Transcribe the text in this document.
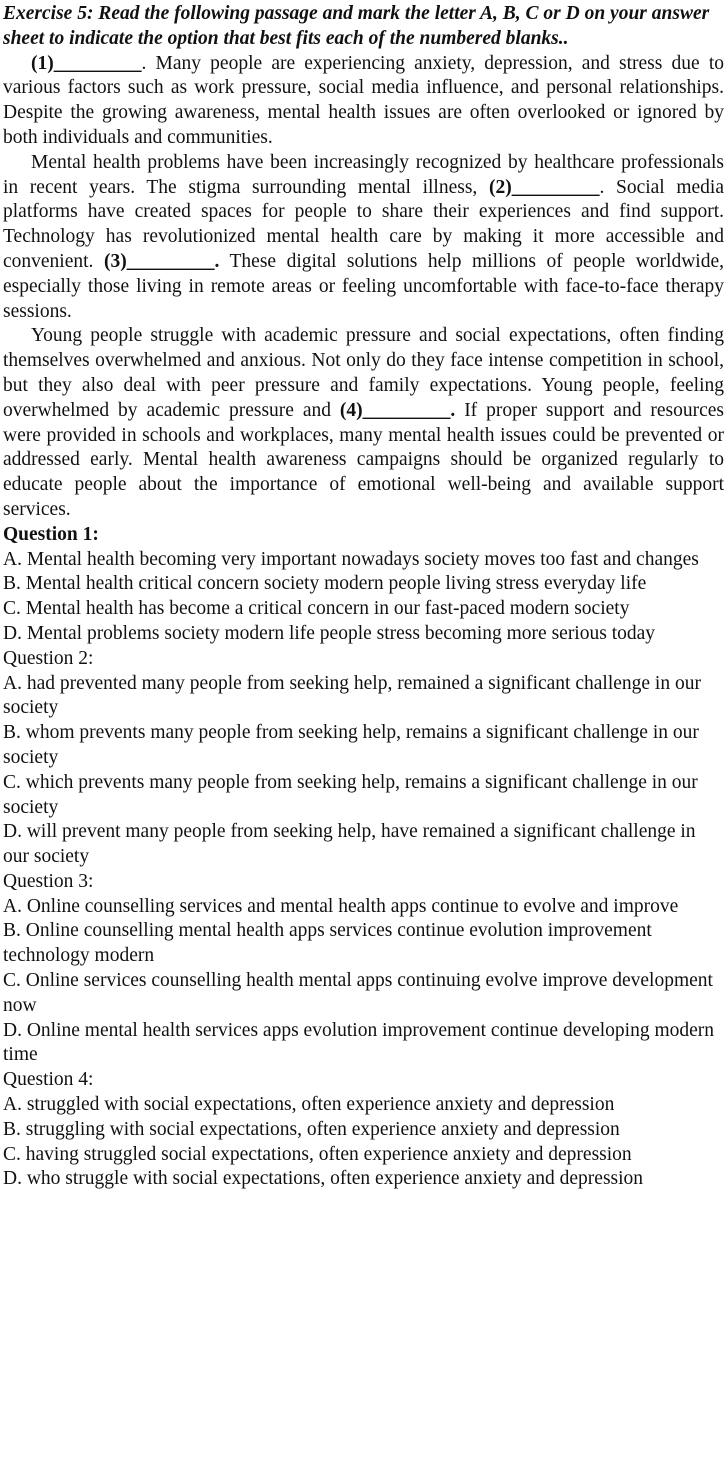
Exercise 5: Read the following passage and mark the letter A, B, C or D on your answer sheet to indicate the option that best fits each of the numbered blanks..

(1)_________. Many people are experiencing anxiety, depression, and stress due to various factors such as work pressure, social media influence, and personal relationships. Despite the growing awareness, mental health issues are often overlooked or ignored by both individuals and communities.

Mental health problems have been increasingly recognized by healthcare professionals in recent years. The stigma surrounding mental illness, (2)_________. Social media platforms have created spaces for people to share their experiences and find support. Technology has revolutionized mental health care by making it more accessible and convenient. (3)_________. These digital solutions help millions of people worldwide, especially those living in remote areas or feeling uncomfortable with face-to-face therapy sessions.

Young people struggle with academic pressure and social expectations, often finding themselves overwhelmed and anxious. Not only do they face intense competition in school, but they also deal with peer pressure and family expectations. Young people, feeling overwhelmed by academic pressure and (4)_________. If proper support and resources were provided in schools and workplaces, many mental health issues could be prevented or addressed early. Mental health awareness campaigns should be organized regularly to educate people about the importance of emotional well-being and available support services.

Question 1:

A. Mental health becoming very important nowadays society moves too fast and changes

B. Mental health critical concern society modern people living stress everyday life

C. Mental health has become a critical concern in our fast-paced modern society

D. Mental problems society modern life people stress becoming more serious today

Question 2:

A. had prevented many people from seeking help, remained a significant challenge in our society

B. whom prevents many people from seeking help, remains a significant challenge in our society

C. which prevents many people from seeking help, remains a significant challenge in our society

D. will prevent many people from seeking help, have remained a significant challenge in our society

Question 3:

A. Online counselling services and mental health apps continue to evolve and improve

B. Online counselling mental health apps services continue evolution improvement technology modern

C. Online services counselling health mental apps continuing evolve improve development now

D. Online mental health services apps evolution improvement continue developing modern time

Question 4:

A. struggled with social expectations, often experience anxiety and depression

B. struggling with social expectations, often experience anxiety and depression

C. having struggled social expectations, often experience anxiety and depression

D. who struggle with social expectations, often experience anxiety and depression
